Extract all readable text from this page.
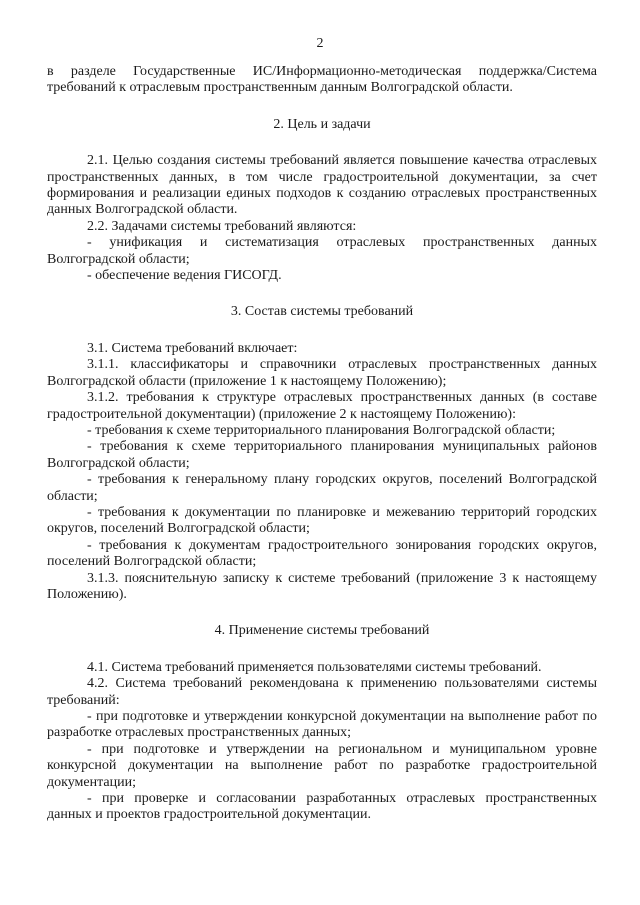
2

в разделе Государственные ИС/Информационно-методическая поддержка/Система требований к отраслевым пространственным данным Волгоградской области.

2. Цель и задачи

2.1. Целью создания системы требований является повышение качества отраслевых пространственных данных, в том числе градостроительной документации, за счет формирования и реализации единых подходов к созданию отраслевых пространственных данных Волгоградской области.

2.2. Задачами системы требований являются:

- унификация и систематизация отраслевых пространственных данных Волгоградской области;

- обеспечение ведения ГИСОГД.

3. Состав системы требований

3.1. Система требований включает:

3.1.1. классификаторы и справочники отраслевых пространственных данных Волгоградской области (приложение 1 к настоящему Положению);

3.1.2. требования к структуре отраслевых пространственных данных (в составе градостроительной документации) (приложение 2 к настоящему Положению):

- требования к схеме территориального планирования Волгоградской области;

- требования к схеме территориального планирования муниципальных районов Волгоградской области;

- требования к генеральному плану городских округов, поселений Волгоградской области;

- требования к документации по планировке и межеванию территорий городских округов, поселений Волгоградской области;

- требования к документам градостроительного зонирования городских округов, поселений Волгоградской области;

3.1.3. пояснительную записку к системе требований (приложение 3 к настоящему Положению).

4. Применение системы требований

4.1. Система требований применяется пользователями системы требований.

4.2. Система требований рекомендована к применению пользователями системы требований:

- при подготовке и утверждении конкурсной документации на выполнение работ по разработке отраслевых пространственных данных;

- при подготовке и утверждении на региональном и муниципальном уровне конкурсной документации на выполнение работ по разработке градостроительной документации;

- при проверке и согласовании разработанных отраслевых пространственных данных и проектов градостроительной документации.
